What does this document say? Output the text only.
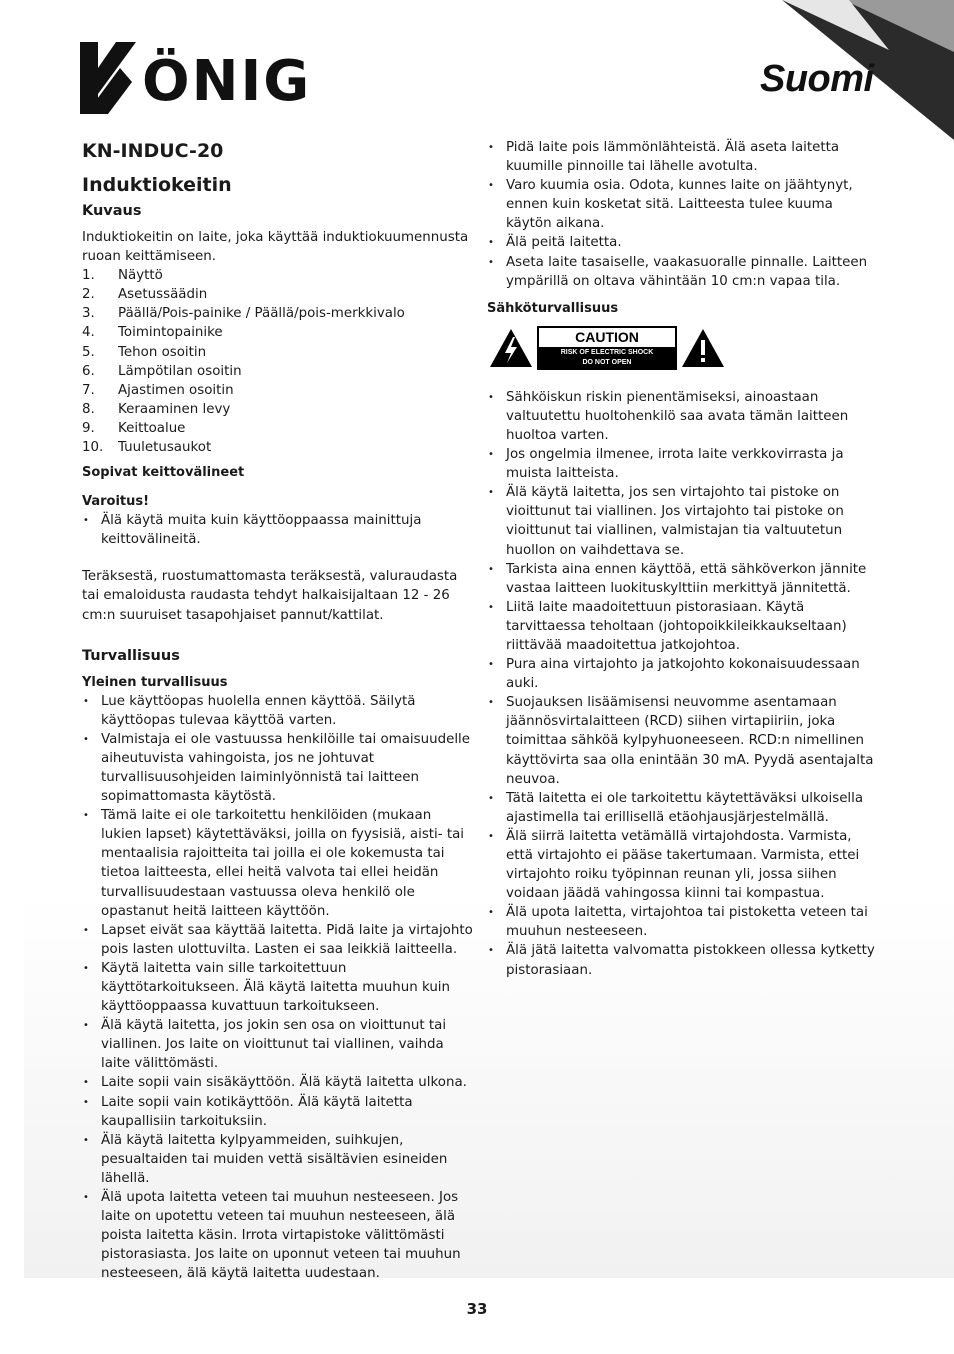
ÖNIG	Suomi
KN-INDUC-20
Induktiokeitin
Kuvaus

Induktiokeitin on laite, joka käyttää induktiokuumennusta ruoan keittämiseen.

1. Näyttö
2. Asetussäädin
3. Päällä/Pois-painike / Päällä/pois-merkkivalo
4. Toimintopainike
5. Tehon osoitin
6. Lämpötilan osoitin
7. Ajastimen osoitin
8. Keraaminen levy
9. Keittoalue
10. Tuuletusaukot
Sopivat keittovälineet
Varoitus!
• Älä käytä muita kuin käyttöoppaassa mainittuja keittovälineitä.

Teräksestä, ruostumattomasta teräksestä, valuraudasta tai emaloidusta raudasta tehdyt halkaisijaltaan 12 - 26 cm:n suuruiset tasapohjaiset pannut/kattilat.

Turvallisuus
Yleinen turvallisuus
• Lue käyttöopas huolella ennen käyttöä. Säilytä käyttöopas tulevaa käyttöä varten.
• Valmistaja ei ole vastuussa henkilöille tai omaisuudelle aiheutuvista vahingoista, jos ne johtuvat turvallisuusohjeiden laiminlyönnistä tai laitteen sopimattomasta käytöstä.
• Tämä laite ei ole tarkoitettu henkilöiden (mukaan lukien lapset) käytettäväksi, joilla on fyysisiä, aisti- tai mentaalisia rajoitteita tai joilla ei ole kokemusta tai tietoa laitteesta, ellei heitä valvota tai ellei heidän turvallisuudestaan vastuussa oleva henkilö ole opastanut heitä laitteen käyttöön.
• Lapset eivät saa käyttää laitetta. Pidä laite ja virtajohto pois lasten ulottuvilta. Lasten ei saa leikkiä laitteella.
• Käytä laitetta vain sille tarkoitettuun käyttötarkoitukseen. Älä käytä laitetta muuhun kuin käyttöoppaassa kuvattuun tarkoitukseen.
• Älä käytä laitetta, jos jokin sen osa on vioittunut tai viallinen. Jos laite on vioittunut tai viallinen, vaihda laite välittömästi.
• Laite sopii vain sisäkäyttöön. Älä käytä laitetta ulkona.
• Laite sopii vain kotikäyttöön. Älä käytä laitetta kaupallisiin tarkoituksiin.
• Älä käytä laitetta kylpyammeiden, suihkujen, pesualtaiden tai muiden vettä sisältävien esineiden lähellä.
• Älä upota laitetta veteen tai muuhun nesteeseen. Jos laite on upotettu veteen tai muuhun nesteeseen, älä poista laitetta käsin. Irrota virtapistoke välittömästi pistorasiasta. Jos laite on uponnut veteen tai muuhun nesteeseen, älä käytä laitetta uudestaan.
• Pidä laite pois lämmönlähteistä. Älä aseta laitetta kuumille pinnoille tai lähelle avotulta.
• Varo kuumia osia. Odota, kunnes laite on jäähtynyt, ennen kuin kosketat sitä. Laitteesta tulee kuuma käytön aikana.
• Älä peitä laitetta.
• Aseta laite tasaiselle, vaakasuoralle pinnalle. Laitteen ympärillä on oltava vähintään 10 cm:n vapaa tila.
Sähköturvallisuus
CAUTION
RISK OF ELECTRIC SHOCK
DO NOT OPEN
• Sähköiskun riskin pienentämiseksi, ainoastaan valtuutettu huoltohenkilö saa avata tämän laitteen huoltoa varten.
• Jos ongelmia ilmenee, irrota laite verkkovirrasta ja muista laitteista.
• Älä käytä laitetta, jos sen virtajohto tai pistoke on vioittunut tai viallinen. Jos virtajohto tai pistoke on vioittunut tai viallinen, valmistajan tia valtuutetun huollon on vaihdettava se.
• Tarkista aina ennen käyttöä, että sähköverkon jännite vastaa laitteen luokituskylttiin merkittyä jännitettä.
• Liitä laite maadoitettuun pistorasiaan. Käytä tarvittaessa teholtaan (johtopoikkileikkaukseltaan) riittävää maadoitettua jatkojohtoa.
• Pura aina virtajohto ja jatkojohto kokonaisuudessaan auki.
• Suojauksen lisäämisensi neuvomme asentamaan jäännösvirtalaitteen (RCD) siihen virtapiiriin, joka toimittaa sähköä kylpyhuoneeseen. RCD:n nimellinen käyttövirta saa olla enintään 30 mA. Pyydä asentajalta neuvoa.
• Tätä laitetta ei ole tarkoitettu käytettäväksi ulkoisella ajastimella tai erillisellä etäohjausjärjestelmällä.
• Älä siirrä laitetta vetämällä virtajohdosta. Varmista, että virtajohto ei pääse takertumaan. Varmista, ettei virtajohto roiku työpinnan reunan yli, jossa siihen voidaan jäädä vahingossa kiinni tai kompastua.
• Älä upota laitetta, virtajohtoa tai pistoketta veteen tai muuhun nesteeseen.
• Älä jätä laitetta valvomatta pistokkeen ollessa kytketty pistorasiaan.
33
